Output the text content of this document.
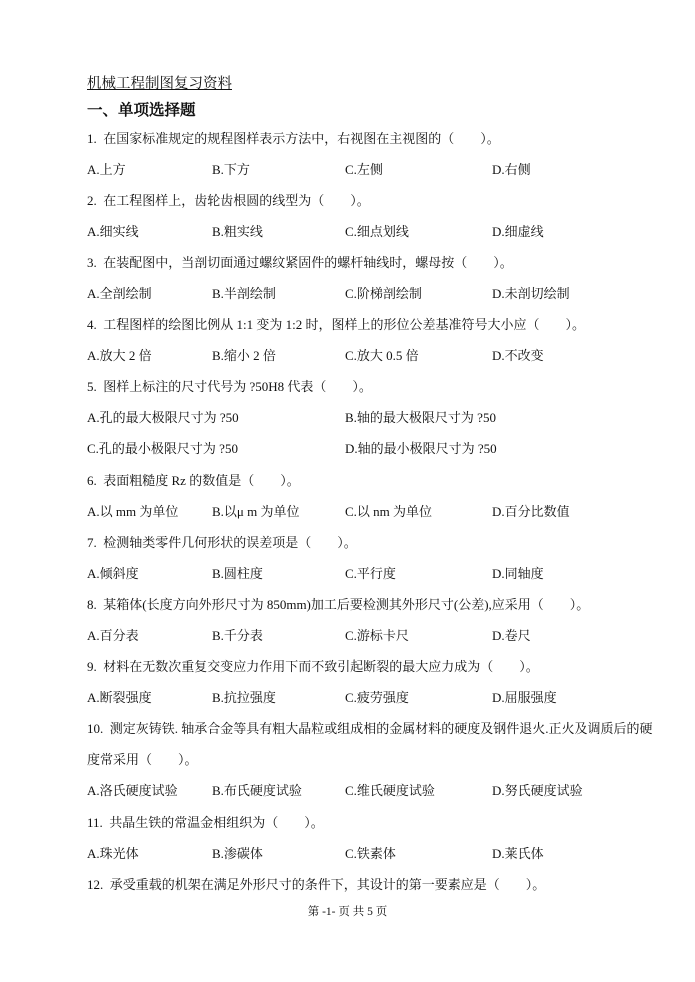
机械工程制图复习资料
一、单项选择题
1.  在国家标准规定的规程图样表示方法中，右视图在主视图的（        ）。
A.上方	B.下方	C.左侧	D.右侧
2.  在工程图样上，齿轮齿根圆的线型为（        ）。
A.细实线	B.粗实线	C.细点划线	D.细虚线
3.  在装配图中，当剖切面通过螺纹紧固件的螺杆轴线时，螺母按（        ）。
A.全剖绘制	B.半剖绘制	C.阶梯剖绘制	D.未剖切绘制
4.  工程图样的绘图比例从 1:1 变为 1:2 时，图样上的形位公差基准符号大小应（        ）。
A.放大 2 倍	B.缩小 2 倍	C.放大 0.5 倍	D.不改变
5.  图样上标注的尺寸代号为 ?50H8 代表（        ）。
A.孔的最大极限尺寸为 ?50	B.轴的最大极限尺寸为 ?50
C.孔的最小极限尺寸为 ?50	D.轴的最小极限尺寸为 ?50
6.  表面粗糙度 Rz 的数值是（        ）。
A.以 mm 为单位	B.以μ m 为单位	C.以 nm 为单位	D.百分比数值
7.  检测轴类零件几何形状的误差项是（        ）。
A.倾斜度	B.圆柱度	C.平行度	D.同轴度
8.  某箱体(长度方向外形尺寸为 850mm)加工后要检测其外形尺寸(公差),应采用（        ）。
A.百分表	B.千分表	C.游标卡尺	D.卷尺
9.  材料在无数次重复交变应力作用下而不致引起断裂的最大应力成为（        ）。
A.断裂强度	B.抗拉强度	C.疲劳强度	D.屈服强度
10.  测定灰铸铁. 轴承合金等具有粗大晶粒或组成相的金属材料的硬度及钢件退火.正火及调质后的硬度常采用（        ）。
A.洛氏硬度试验	B.布氏硬度试验	C.维氏硬度试验	D.努氏硬度试验
11.  共晶生铁的常温金相组织为（        ）。
A.珠光体	B.渗碳体	C.铁素体	D.莱氏体
12.  承受重载的机架在满足外形尺寸的条件下，其设计的第一要素应是（        ）。
第 -1- 页 共 5 页
